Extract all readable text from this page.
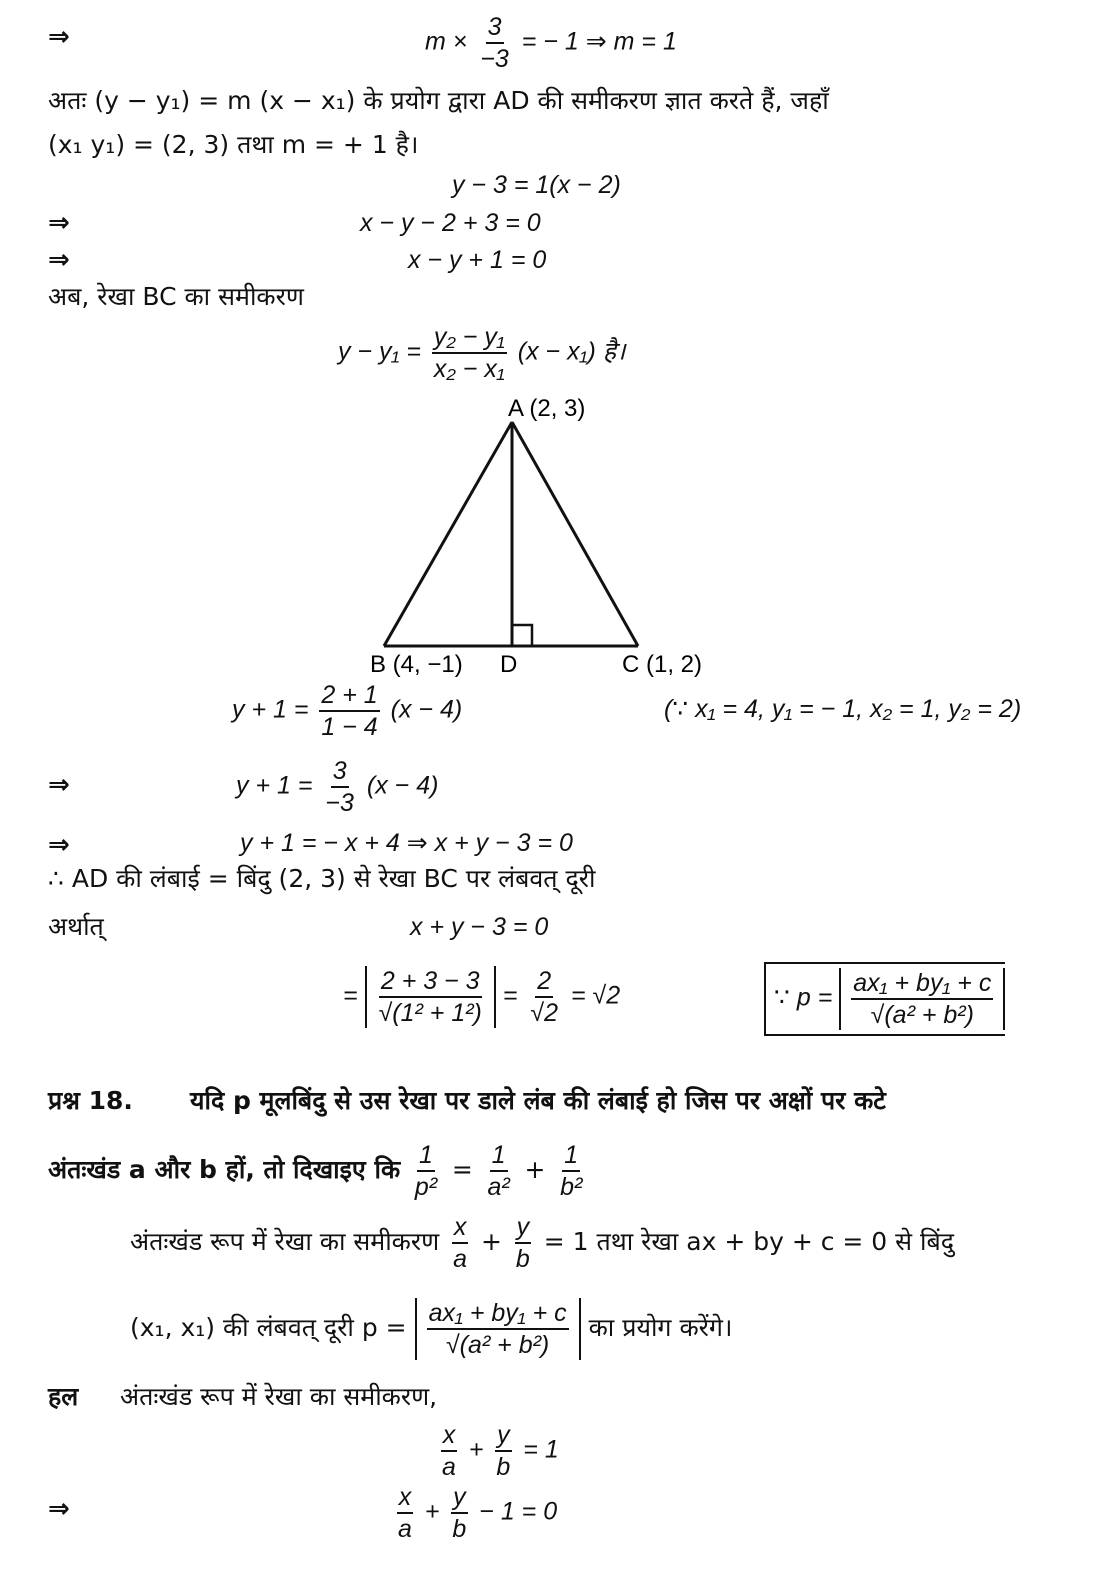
⇒	$m \times \frac{3}{-3}$ = − 1 ⇒ m = 1
अतः (y − y₁) = m (x − x₁) के प्रयोग द्वारा AD की समीकरण ज्ञात करते हैं, जहाँ
(x₁ y₁) = (2, 3) तथा m = + 1 है।
y − 3 = 1(x − 2)
⇒	x − y − 2 + 3 = 0
⇒	x − y + 1 = 0
अब, रेखा BC का समीकरण
$y - y_1 = \frac{\text{y₂ − y₁}}{\text{x₂ − x₁}} (x - x_1)$ है।
A (2, 3)
B (4, −1) D	C (1, 2)
$y + 1 = \frac{2 + 1}{1 - 4} (x - 4)$	(∵ x₁ = 4, y₁ = − 1, x₂ = 1, y₂ = 2)
⇒	$y + 1 = \frac{3}{-3} (x - 4)$
⇒	y + 1 = − x + 4 ⇒ x + y − 3 = 0
∴ AD की लंबाई = बिंदु (2, 3) से रेखा BC पर लंबवत् दूरी
अर्थात्	x + y − 3 = 0
= $\frac{2 + 3 - 3}{\text{√(1² + 1²)}} = \frac{2}{√2} = √2$	∵ $p = \frac{\text{ax₁ + by₁ + c}}{\text{√(a² + b²)}}$
प्रश्न 18. यदि p मूलबिंदु से उस रेखा पर डाले लंब की लंबाई हो जिस पर अक्षों पर कटे
अंतःखंड a और b हों, तो दिखाइए कि $\frac{1}{\text{p²}} = \frac{1}{\text{a²}} + \frac{1}{\text{b²}}$
अंतःखंड रूप में रेखा का समीकरण $\frac{x}{a} + \frac{y}{b} = 1$ तथा रेखा ax + by + c = 0 से बिंदु
(x₁, x₁) की लंबवत् दूरी $p = \frac{\text{ax₁ + by₁ + c}}{\text{√(a² + b²)}}$ का प्रयोग करेंगे।
हल अंतःखंड रूप में रेखा का समीकरण,
$\frac{x}{a} + \frac{y}{b} = 1$
⇒	$\frac{x}{a} + \frac{y}{b} - 1 = 0$
